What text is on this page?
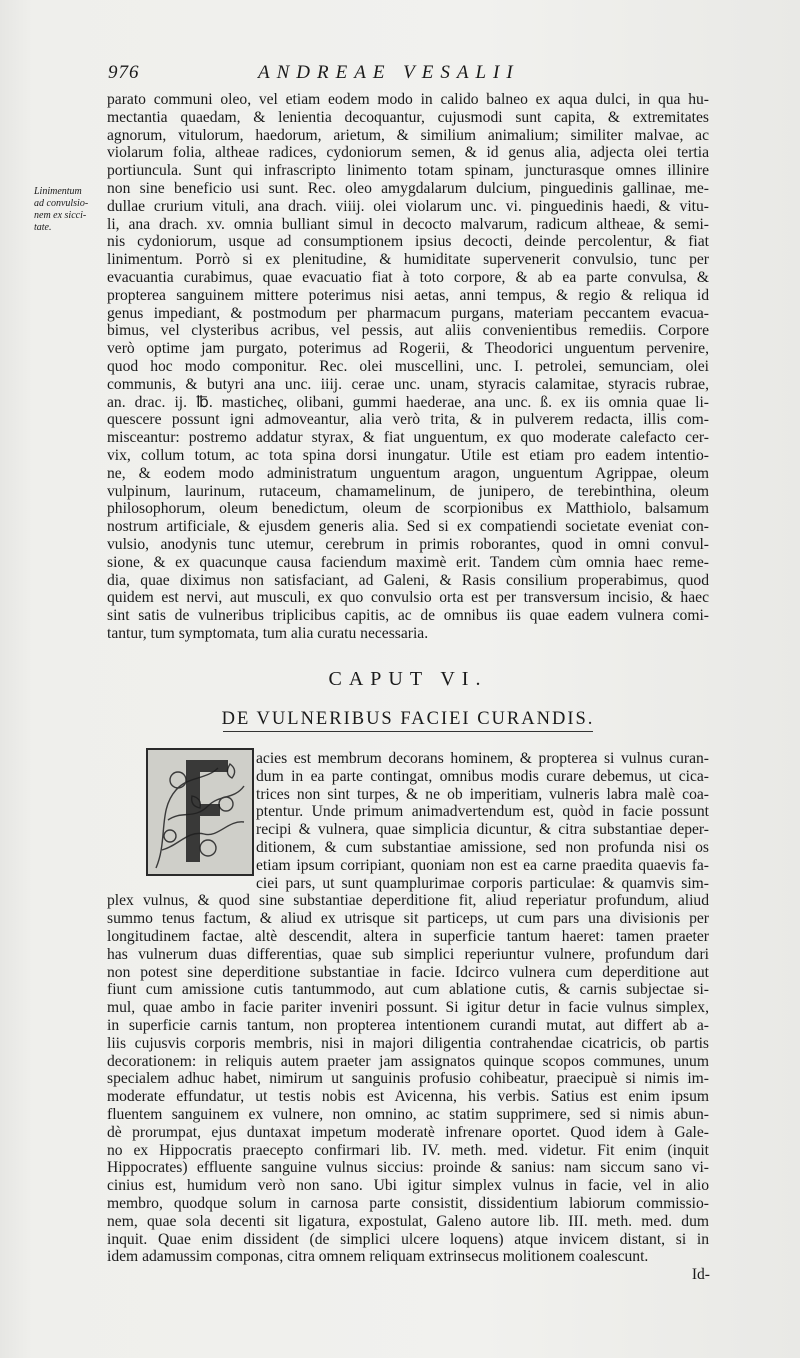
976	ANDREAE VESALII
Linimentum
ad convulsio-
nem ex sicci-
tate.
parato communi oleo, vel etiam eodem modo in calido balneo ex aqua dulci, in qua hu-
mectantia quaedam, & lenientia decoquantur, cujusmodi sunt capita, & extremitates
agnorum, vitulorum, haedorum, arietum, & similium animalium; similiter malvae, ac
violarum folia, altheae radices, cydoniorum semen, & id genus alia, adjecta olei tertia
portiuncula. Sunt qui infrascripto linimento totam spinam, juncturasque omnes illinire
non sine beneficio usi sunt. Rec. oleo amygdalarum dulcium, pinguedinis gallinae, me-
dullae crurium vituli, ana drach. viiij. olei violarum unc. vi. pinguedinis haedi, & vitu-
li, ana drach. xv. omnia bulliant simul in decocto malvarum, radicum altheae, & semi-
nis cydoniorum, usque ad consumptionem ipsius decocti, deinde percolentur, & fiat
linimentum. Porrò si ex plenitudine, & humiditate supervenerit convulsio, tunc per
evacuantia curabimus, quae evacuatio fiat à toto corpore, & ab ea parte convulsa, &
propterea sanguinem mittere poterimus nisi aetas, anni tempus, & regio & reliqua id
genus impediant, & postmodum per pharmacum purgans, materiam peccantem evacua-
bimus, vel clysteribus acribus, vel pessis, aut aliis convenientibus remediis. Corpore
verò optime jam purgato, poterimus ad Rogerii, & Theodorici unguentum pervenire,
quod hoc modo componitur. Rec. olei muscellini, unc. I. petrolei, semunciam, olei
communis, & butyri ana unc. iiij. cerae unc. unam, styracis calamitae, styracis rubrae,
an. drac. ij. ℔. masticheς, olibani, gummi haederae, ana unc. ß. ex iis omnia quae li-
quescere possunt igni admoveantur, alia verò trita, & in pulverem redacta, illis com-
misceantur: postremo addatur styrax, & fiat unguentum, ex quo moderate calefacto cer-
vix, collum totum, ac tota spina dorsi inungatur. Utile est etiam pro eadem intentio-
ne, & eodem modo administratum unguentum aragon, unguentum Agrippae, oleum
vulpinum, laurinum, rutaceum, chamamelinum, de junipero, de terebinthina, oleum
philosophorum, oleum benedictum, oleum de scorpionibus ex Matthiolo, balsamum
nostrum artificiale, & ejusdem generis alia. Sed si ex compatiendi societate eveniat con-
vulsio, anodynis tunc utemur, cerebrum in primis roborantes, quod in omni convul-
sione, & ex quacunque causa faciendum maximè erit. Tandem cùm omnia haec reme-
dia, quae diximus non satisfaciant, ad Galeni, & Rasis consilium properabimus, quod
quidem est nervi, aut musculi, ex quo convulsio orta est per transversum incisio, & haec
sint satis de vulneribus triplicibus capitis, ac de omnibus iis quae eadem vulnera comi-
tantur, tum symptomata, tum alia curatu necessaria.
CAPUT VI.
DE VULNERIBUS FACIEI CURANDIS.
F
acies est membrum decorans hominem, & propterea si vulnus curan-
dum in ea parte contingat, omnibus modis curare debemus, ut cica-
trices non sint turpes, & ne ob imperitiam, vulneris labra malè coa-
ptentur. Unde primum animadvertendum est, quòd in facie possunt
recipi & vulnera, quae simplicia dicuntur, & citra substantiae deper-
ditionem, & cum substantiae amissione, sed non profunda nisi os
etiam ipsum corripiant, quoniam non est ea carne praedita quaevis fa-
ciei pars, ut sunt quamplurimae corporis particulae: & quamvis sim-
plex vulnus, & quod sine substantiae deperditione fit, aliud reperiatur profundum, aliud
summo tenus factum, & aliud ex utrisque sit particeps, ut cum pars una divisionis per
longitudinem factae, altè descendit, altera in superficie tantum haeret: tamen praeter
has vulnerum duas differentias, quae sub simplici reperiuntur vulnere, profundum dari
non potest sine deperditione substantiae in facie. Idcirco vulnera cum deperditione aut
fiunt cum amissione cutis tantummodo, aut cum ablatione cutis, & carnis subjectae si-
mul, quae ambo in facie pariter inveniri possunt. Si igitur detur in facie vulnus simplex,
in superficie carnis tantum, non propterea intentionem curandi mutat, aut differt ab a-
liis cujusvis corporis membris, nisi in majori diligentia contrahendae cicatricis, ob partis
decorationem: in reliquis autem praeter jam assignatos quinque scopos communes, unum
specialem adhuc habet, nimirum ut sanguinis profusio cohibeatur, praecipuè si nimis im-
moderate effundatur, ut testis nobis est Avicenna, his verbis. Satius est enim ipsum
fluentem sanguinem ex vulnere, non omnino, ac statim supprimere, sed si nimis abun-
dè prorumpat, ejus duntaxat impetum moderatè infrenare oportet. Quod idem à Gale-
no ex Hippocratis praecepto confirmari lib. IV. meth. med. videtur. Fit enim (inquit
Hippocrates) effluente sanguine vulnus siccius: proinde & sanius: nam siccum sano vi-
cinius est, humidum verò non sano. Ubi igitur simplex vulnus in facie, vel in alio
membro, quodque solum in carnosa parte consistit, dissidentium labiorum commissio-
nem, quae sola decenti sit ligatura, expostulat, Galeno autore lib. III. meth. med. dum
inquit. Quae enim dissident (de simplici ulcere loquens) atque invicem distant, si in
idem adamussim componas, citra omnem reliquam extrinsecus molitionem coalescunt.
Id-
